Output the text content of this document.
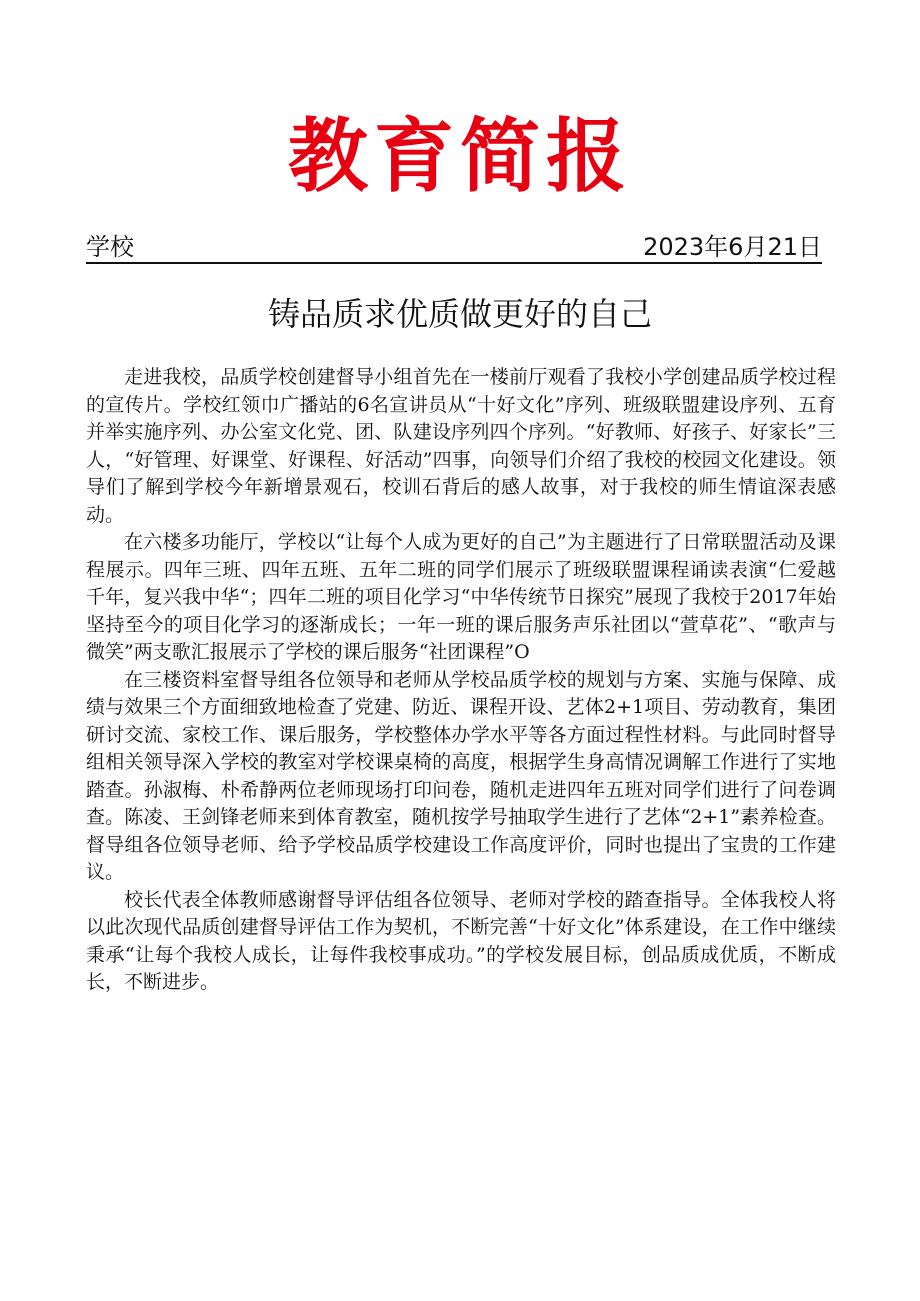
教育简报
学校	2023年6月21日
铸品质求优质做更好的自己

走进我校，品质学校创建督导小组首先在一楼前厅观看了我校小学创建品质学校过程的宣传片。学校红领巾广播站的6名宣讲员从“十好文化”序列、班级联盟建设序列、五育并举实施序列、办公室文化党、团、队建设序列四个序列。“好教师、好孩子、好家长”三人，“好管理、好课堂、好课程、好活动”四事，向领导们介绍了我校的校园文化建设。领导们了解到学校今年新增景观石，校训石背后的感人故事，对于我校的师生情谊深表感动。

在六楼多功能厅，学校以“让每个人成为更好的自己”为主题进行了日常联盟活动及课程展示。四年三班、四年五班、五年二班的同学们展示了班级联盟课程诵读表演“仁爱越千年，复兴我中华“；四年二班的项目化学习“中华传统节日探究”展现了我校于2017年始坚持至今的项目化学习的逐渐成长；一年一班的课后服务声乐社团以“萱草花”、“歌声与微笑”两支歌汇报展示了学校的课后服务“社团课程”O

在三楼资料室督导组各位领导和老师从学校品质学校的规划与方案、实施与保障、成绩与效果三个方面细致地检查了党建、防近、课程开设、艺体2+1项目、劳动教育，集团研讨交流、家校工作、课后服务，学校整体办学水平等各方面过程性材料。与此同时督导组相关领导深入学校的教室对学校课桌椅的高度，根据学生身高情况调解工作进行了实地踏查。孙淑梅、朴希静两位老师现场打印问卷，随机走进四年五班对同学们进行了问卷调查。陈凌、王剑锋老师来到体育教室，随机按学号抽取学生进行了艺体“2+1”素养检查。督导组各位领导老师、给予学校品质学校建设工作高度评价，同时也提出了宝贵的工作建议。

校长代表全体教师感谢督导评估组各位领导、老师对学校的踏查指导。全体我校人将以此次现代品质创建督导评估工作为契机，不断完善“十好文化”体系建设，在工作中继续秉承“让每个我校人成长，让每件我校事成功。”的学校发展目标，创品质成优质，不断成长，不断进步。
